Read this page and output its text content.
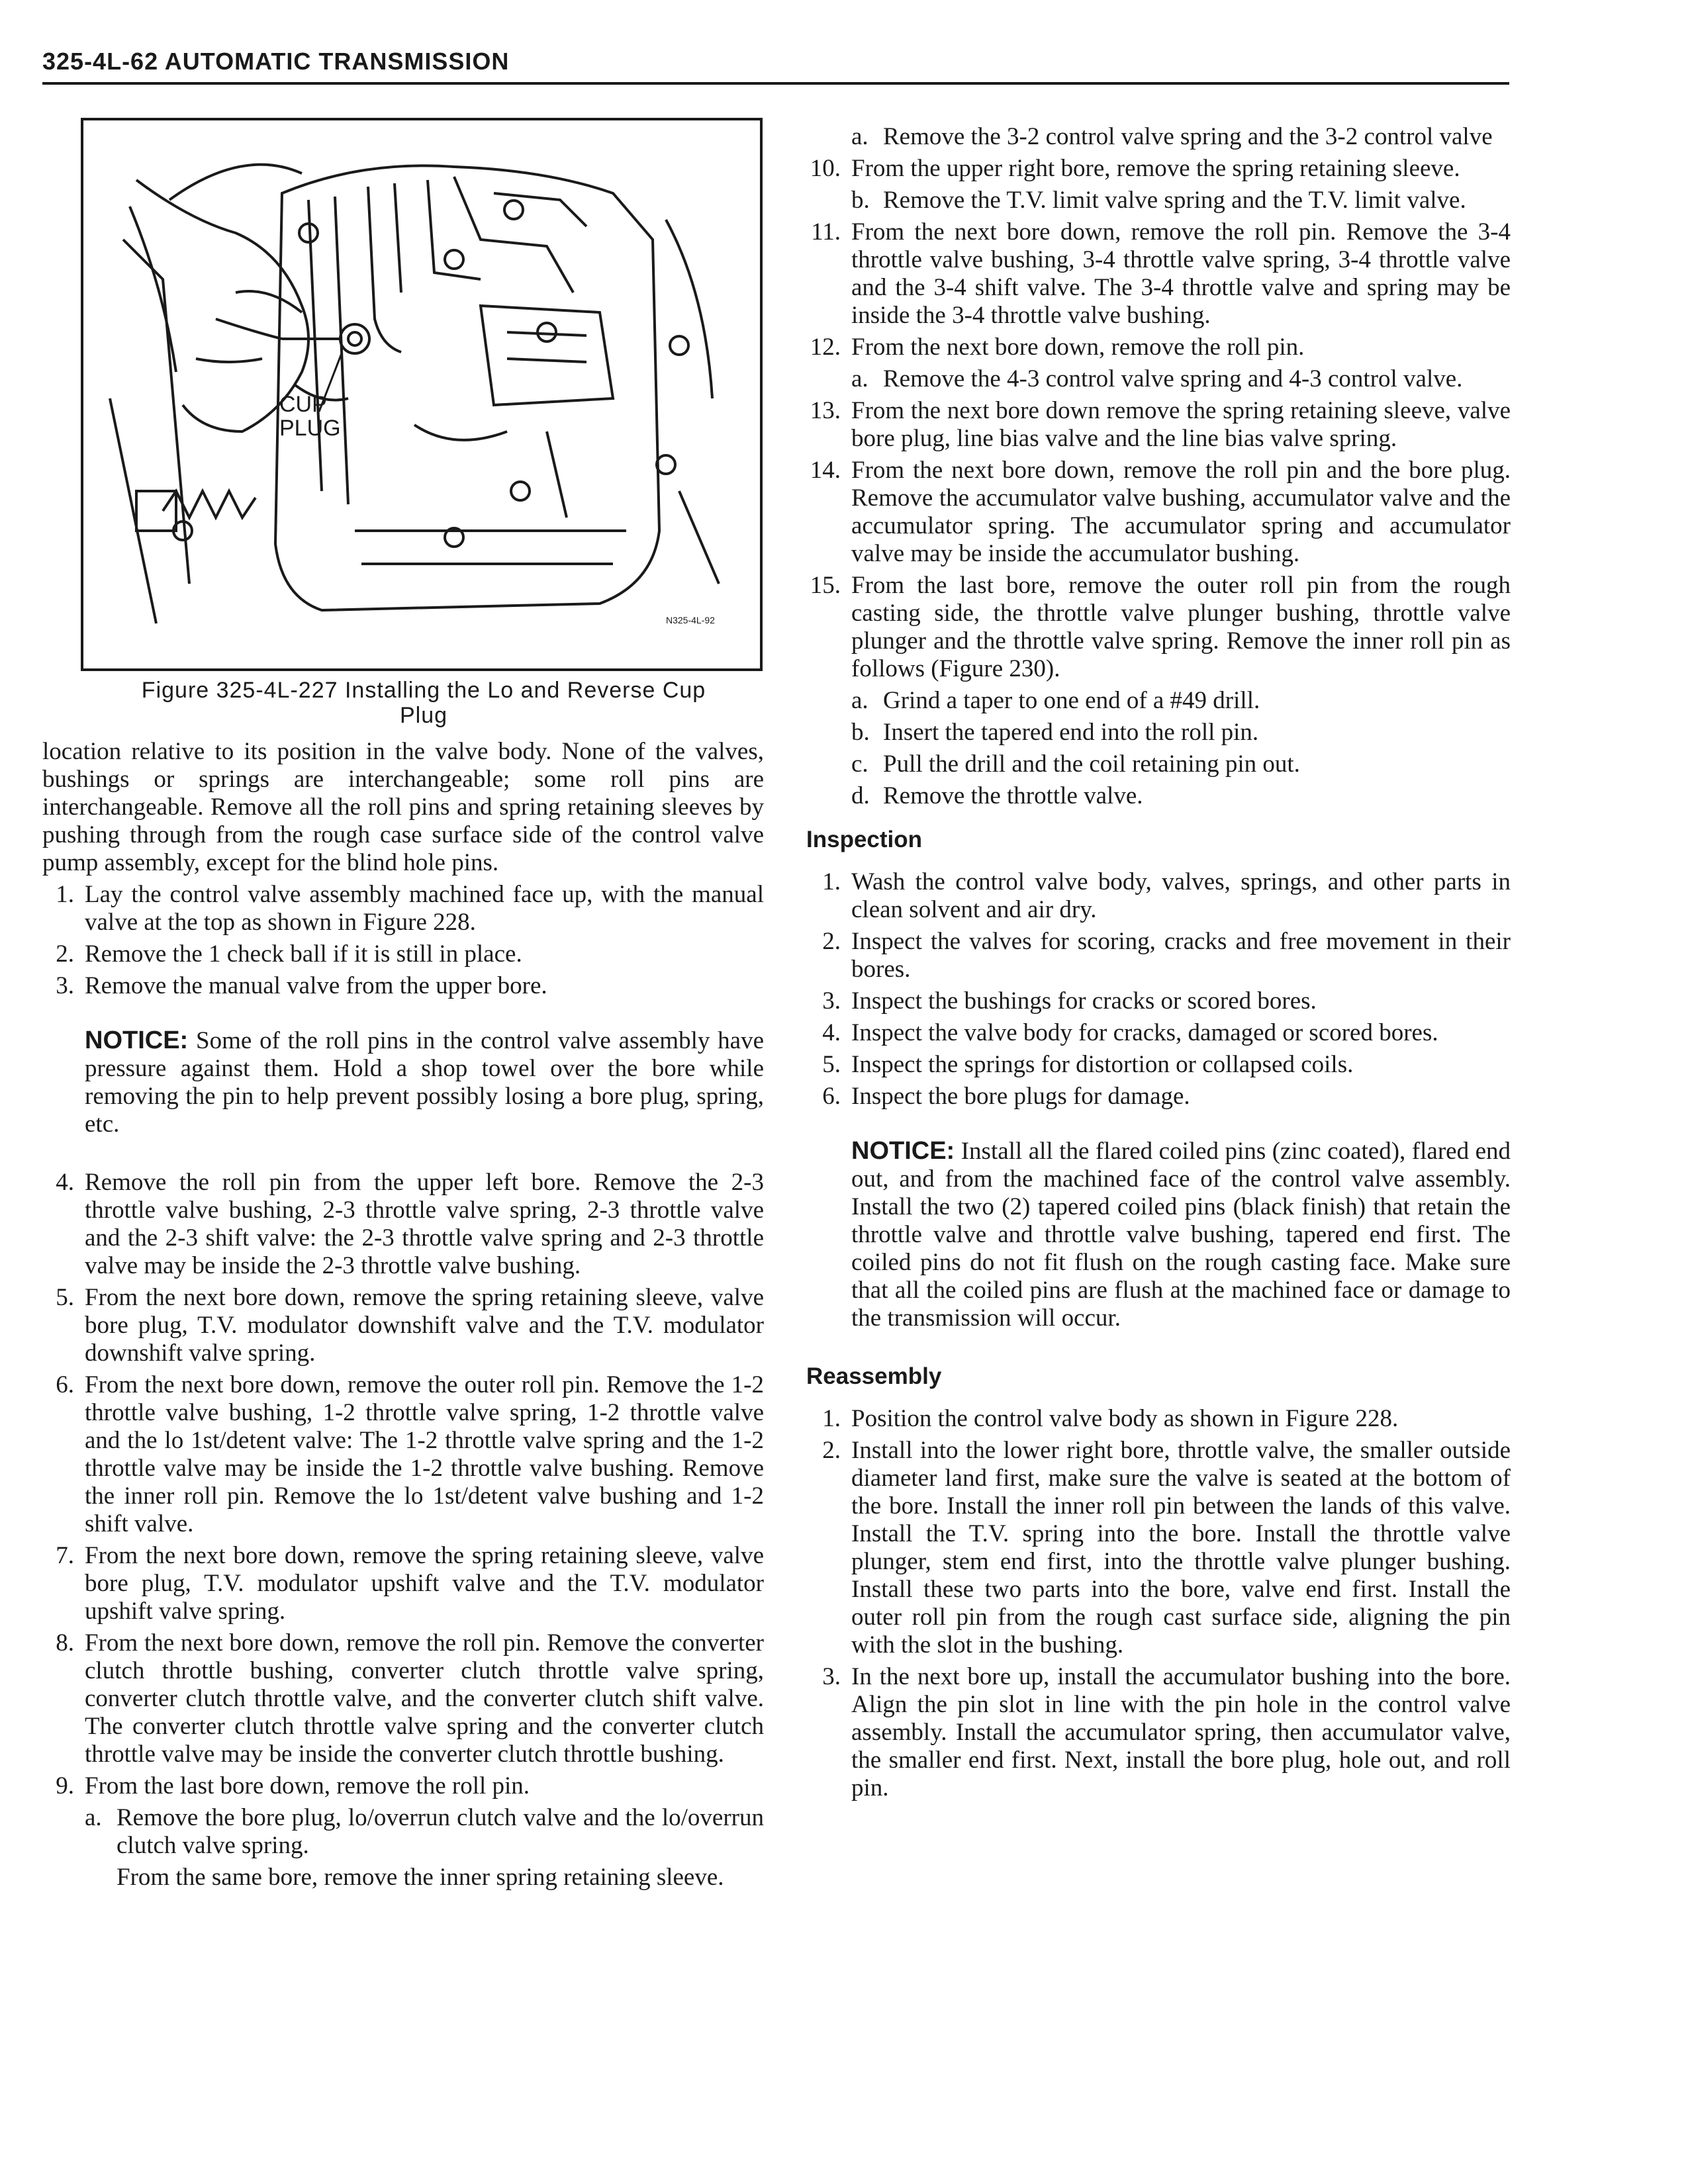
325-4L-62 AUTOMATIC TRANSMISSION
CUP
PLUG
N325-4L-92
Figure 325-4L-227 Installing the Lo and Reverse Cup
Plug

location relative to its position in the valve body. None of the valves, bushings or springs are interchangeable; some roll pins are interchangeable. Remove all the roll pins and spring retaining sleeves by pushing through from the rough case surface side of the control valve pump assembly, except for the blind hole pins.

1. Lay the control valve assembly machined face up, with the manual valve at the top as shown in Figure 228.
2. Remove the 1 check ball if it is still in place.
3. Remove the manual valve from the upper bore.
NOTICE: Some of the roll pins in the control valve assembly have pressure against them. Hold a shop towel over the bore while removing the pin to help prevent possibly losing a bore plug, spring, etc.
4. Remove the roll pin from the upper left bore. Remove the 2-3 throttle valve bushing, 2-3 throttle valve spring, 2-3 throttle valve and the 2-3 shift valve: the 2-3 throttle valve spring and 2-3 throttle valve may be inside the 2-3 throttle valve bushing.
5. From the next bore down, remove the spring retaining sleeve, valve bore plug, T.V. modulator downshift valve and the T.V. modulator downshift valve spring.
6. From the next bore down, remove the outer roll pin. Remove the 1-2 throttle valve bushing, 1-2 throttle valve spring, 1-2 throttle valve and the lo 1st/detent valve: The 1-2 throttle valve spring and the 1-2 throttle valve may be inside the 1-2 throttle valve bushing. Remove the inner roll pin. Remove the lo 1st/detent valve bushing and 1-2 shift valve.
7. From the next bore down, remove the spring retaining sleeve, valve bore plug, T.V. modulator upshift valve and the T.V. modulator upshift valve spring.
8. From the next bore down, remove the roll pin. Remove the converter clutch throttle bushing, converter clutch throttle valve spring, converter clutch throttle valve, and the converter clutch shift valve. The converter clutch throttle valve spring and the converter clutch throttle valve may be inside the converter clutch throttle bushing.
9. From the last bore down, remove the roll pin.
a. Remove the bore plug, lo/overrun clutch valve and the lo/overrun clutch valve spring.
From the same bore, remove the inner spring retaining sleeve.
a. Remove the 3-2 control valve spring and the 3-2 control valve
10. From the upper right bore, remove the spring retaining sleeve.
b. Remove the T.V. limit valve spring and the T.V. limit valve.
11. From the next bore down, remove the roll pin. Remove the 3-4 throttle valve bushing, 3-4 throttle valve spring, 3-4 throttle valve and the 3-4 shift valve. The 3-4 throttle valve and spring may be inside the 3-4 throttle valve bushing.
12. From the next bore down, remove the roll pin.
a. Remove the 4-3 control valve spring and 4-3 control valve.
13. From the next bore down remove the spring retaining sleeve, valve bore plug, line bias valve and the line bias valve spring.
14. From the next bore down, remove the roll pin and the bore plug. Remove the accumulator valve bushing, accumulator valve and the accumulator spring. The accumulator spring and accumulator valve may be inside the accumulator bushing.
15. From the last bore, remove the outer roll pin from the rough casting side, the throttle valve plunger bushing, throttle valve plunger and the throttle valve spring. Remove the inner roll pin as follows (Figure 230).
a. Grind a taper to one end of a #49 drill.
b. Insert the tapered end into the roll pin.
c. Pull the drill and the coil retaining pin out.
d. Remove the throttle valve.
Inspection
1. Wash the control valve body, valves, springs, and other parts in clean solvent and air dry.
2. Inspect the valves for scoring, cracks and free movement in their bores.
3. Inspect the bushings for cracks or scored bores.
4. Inspect the valve body for cracks, damaged or scored bores.
5. Inspect the springs for distortion or collapsed coils.
6. Inspect the bore plugs for damage.
NOTICE: Install all the flared coiled pins (zinc coated), flared end out, and from the machined face of the control valve assembly. Install the two (2) tapered coiled pins (black finish) that retain the throttle valve and throttle valve bushing, tapered end first. The coiled pins do not fit flush on the rough casting face. Make sure that all the coiled pins are flush at the machined face or damage to the transmission will occur.
Reassembly
1. Position the control valve body as shown in Figure 228.
2. Install into the lower right bore, throttle valve, the smaller outside diameter land first, make sure the valve is seated at the bottom of the bore. Install the inner roll pin between the lands of this valve. Install the T.V. spring into the bore. Install the throttle valve plunger, stem end first, into the throttle valve plunger bushing. Install these two parts into the bore, valve end first. Install the outer roll pin from the rough cast surface side, aligning the pin with the slot in the bushing.
3. In the next bore up, install the accumulator bushing into the bore. Align the pin slot in line with the pin hole in the control valve assembly. Install the accumulator spring, then accumulator valve, the smaller end first. Next, install the bore plug, hole out, and roll pin.
